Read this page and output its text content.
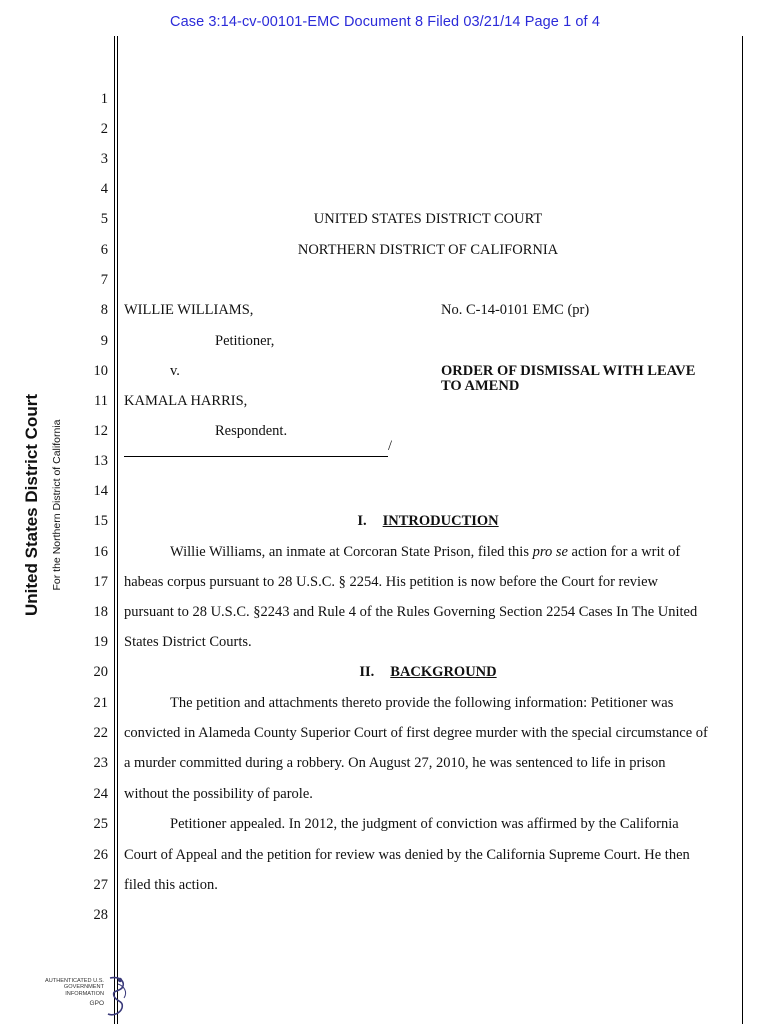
Case 3:14-cv-00101-EMC Document 8 Filed 03/21/14 Page 1 of 4
United States District Court For the Northern District of California
1
2
3
4
5
6
7
8
9
10
11
12
13
14
15
16
17
18
19
20
21
22
23
24
25
26
27
28
UNITED STATES DISTRICT COURT
NORTHERN DISTRICT OF CALIFORNIA
WILLIE WILLIAMS,	No. C-14-0101 EMC (pr)
Petitioner,
v.	ORDER OF DISMISSAL WITH LEAVE
TO AMEND
KAMALA HARRIS,
Respondent.
/
I. INTRODUCTION
Willie Williams, an inmate at Corcoran State Prison, filed this pro se action for a writ of
habeas corpus pursuant to 28 U.S.C. § 2254. His petition is now before the Court for review
pursuant to 28 U.S.C. §2243 and Rule 4 of the Rules Governing Section 2254 Cases In The United
States District Courts.
II. BACKGROUND
The petition and attachments thereto provide the following information: Petitioner was
convicted in Alameda County Superior Court of first degree murder with the special circumstance of
a murder committed during a robbery. On August 27, 2010, he was sentenced to life in prison
without the possibility of parole.
Petitioner appealed. In 2012, the judgment of conviction was affirmed by the California
Court of Appeal and the petition for review was denied by the California Supreme Court. He then
filed this action.
AUTHENTICATED U.S. GOVERNMENT INFORMATION
GPO
